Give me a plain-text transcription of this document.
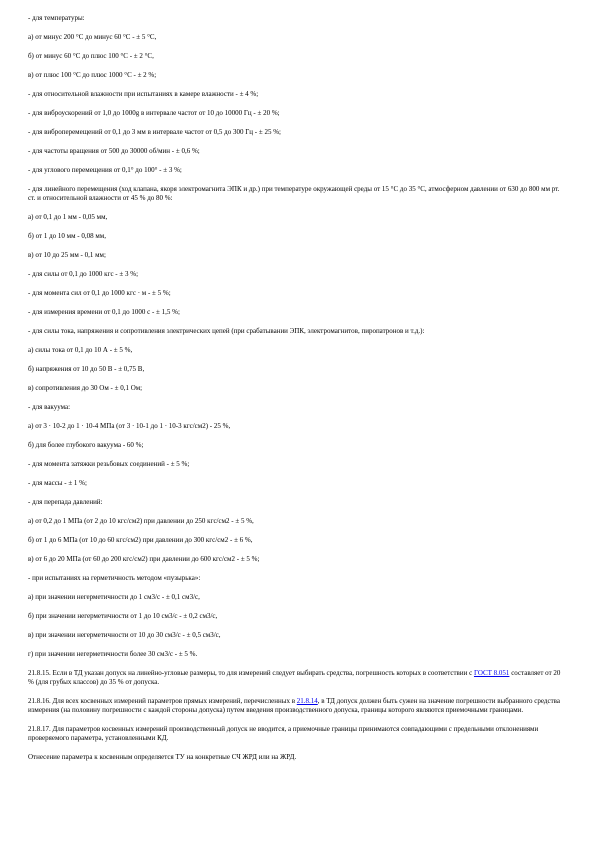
- для температуры:

а) от минус 200 °С до минус 60 °С - ± 5 °С,

б) от минус 60 °С до плюс 100 °С - ± 2 °С,

в) от плюс 100 °С до плюс 1000 °С - ± 2 %;

- для относительной влажности при испытаниях в камере влажности - ± 4 %;

- для виброускорений от 1,0 до 1000g в интервале частот от 10 до 10000 Гц - ± 20 %;

- для виброперемещений от 0,1 до 3 мм в интервале частот от 0,5 до 300 Гц - ± 25 %;

- для частоты вращения от 500 до 30000 об/мин - ± 0,6 %;

- для углового перемещения от 0,1° до 100° - ± 3 %;

- для линейного перемещения (ход клапана, якоря электромагнита ЭПК и др.) при температуре окружающей среды от 15 °С до 35 °С, атмосферном давлении от 630 до 800 мм рт. ст. и относительной влажности от 45 % до 80 %:

а) от 0,1 до 1 мм - 0,05 мм,

б) от 1 до 10 мм - 0,08 мм,

в) от 10 до 25 мм - 0,1 мм;

- для силы от 0,1 до 1000 кгс - ± 3 %;

- для момента сил от 0,1 до 1000 кгс · м - ± 5 %;

- для измерения времени от 0,1 до 1000 с - ± 1,5 %;

- для силы тока, напряжения и сопротивления электрических цепей (при срабатывании ЭПК, электромагнитов, пиропатронов и т.д.):

а) силы тока от 0,1 до 10 А - ± 5 %,

б) напряжения от 10 до 50 В - ± 0,75 В,

в) сопротивления до 30 Ом - ± 0,1 Ом;

- для вакуума:

а) от 3 · 10-2 до 1 · 10-4 МПа (от 3 · 10-1 до 1 · 10-3 кгс/см2) - 25 %,

б) для более глубокого вакуума - 60 %;

- для момента затяжки резьбовых соединений - ± 5 %;

- для массы - ± 1 %;

- для перепада давлений:

а) от 0,2 до 1 МПа (от 2 до 10 кгс/см2) при давлении до 250 кгс/см2 - ± 5 %,

б) от 1 до 6 МПа (от 10 до 60 кгс/см2) при давлении до 300 кгс/см2 - ± 6 %,

в) от 6 до 20 МПа (от 60 до 200 кгс/см2) при давлении до 600 кгс/см2 - ± 5 %;

- при испытаниях на герметичность методом «пузырька»:

а) при значении негерметичности до 1 см3/с - ± 0,1 см3/с,

б) при значении негерметичности от 1 до 10 см3/с - ± 0,2 см3/с,

в) при значении негерметичности от 10 до 30 см3/с - ± 0,5 см3/с,

г) при значении негерметичности более 30 см3/с - ± 5 %.

21.8.15. Если в ТД указан допуск на линейно-угловые размеры, то для измерений следует выбирать средства, погрешность которых в соответствии с ГОСТ 8.051 составляет от 20 % (для грубых классов) до 35 % от допуска.

21.8.16. Для всех косвенных измерений параметров прямых измерений, перечисленных в 21.8.14, в ТД допуск должен быть сужен на значение погрешности выбранного средства измерения (на половину погрешности с каждой стороны допуска) путем введения производственного допуска, границы которого являются приемочными границами.

21.8.17. Для параметров косвенных измерений производственный допуск не вводится, а приемочные границы принимаются совпадающими с предельными отклонениями проверяемого параметра, установленными КД.

Отнесение параметра к косвенным определяется ТУ на конкретные СЧ ЖРД или на ЖРД.
